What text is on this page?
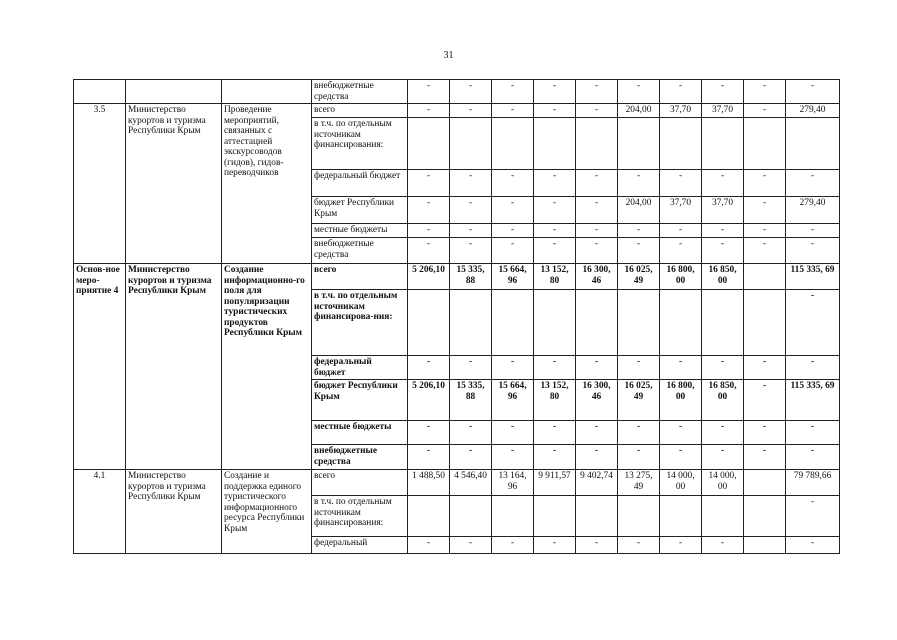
31
			внебюджетные средства	-	-	-	-	-	-	-	-	-	-
3.5	Министерство курортов и туризма Республики Крым	Проведение мероприятий, связанных с аттестацией экскурсоводов (гидов), гидов-переводчиков	всего	-	-	-	-	-	204,00	37,70	37,70	-	279,40
			в т.ч. по отдельным источникам финансирования:										
			федеральный бюджет	-	-	-	-	-	-	-	-	-	-
			бюджет Республики Крым	-	-	-	-	-	204,00	37,70	37,70	-	279,40
			местные бюджеты	-	-	-	-	-	-	-	-	-	-
			внебюджетные средства	-	-	-	-	-	-	-	-	-	-
Основ-ное меро-приятие 4	Министерство курортов и туризма Республики Крым	Создание информационно-го поля для популяризации туристических продуктов Республики Крым	всего	5 206,10	15 335, 88	15 664, 96	13 152, 80	16 300, 46	16 025, 49	16 800, 00	16 850, 00		115 335, 69
			в т.ч. по отдельным источникам финансирова-ния:										-
			федеральный бюджет	-	-	-	-	-	-	-	-	-	-
			бюджет Республики Крым	5 206,10	15 335, 88	15 664, 96	13 152, 80	16 300, 46	16 025, 49	16 800, 00	16 850, 00	-	115 335, 69
			местные бюджеты	-	-	-	-	-	-	-	-	-	-
			внебюджетные средства	-	-	-	-	-	-	-	-	-	-
4.1	Министерство курортов и туризма Республики Крым	Создание и поддержка единого туристического информационного ресурса Республики Крым	всего	1 488,50	4 546,40	13 164, 96	9 911,57	9 402,74	13 275, 49	14 000, 00	14 000, 00		79 789,66
			в т.ч. по отдельным источникам финансирования:										-
			федеральный	-	-	-	-	-	-	-	-		-
